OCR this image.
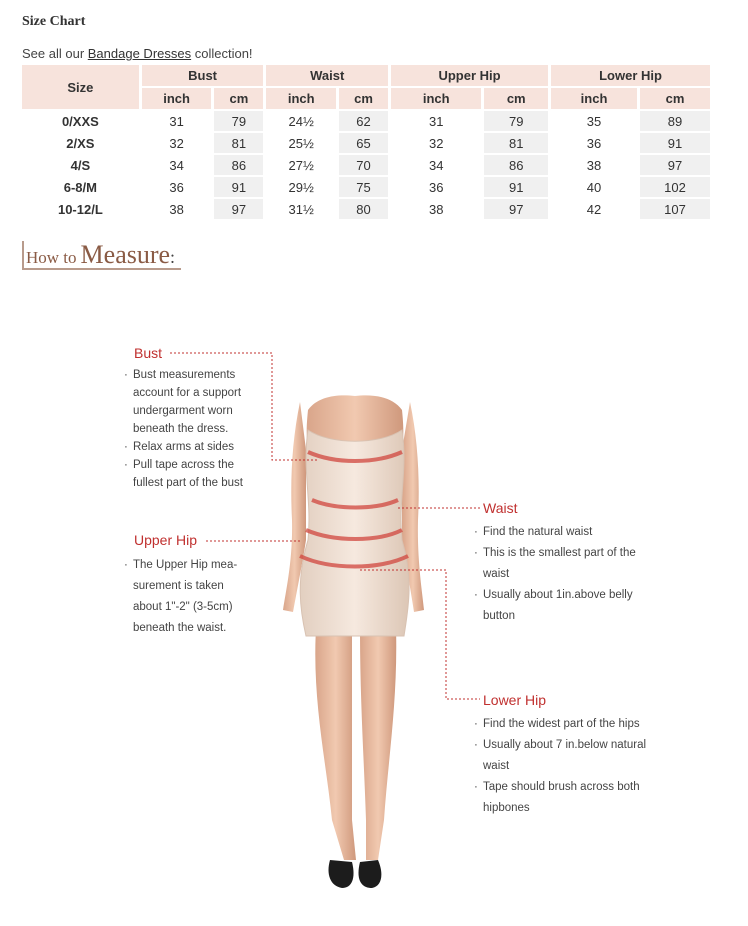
Size Chart
See all our Bandage Dresses collection!
Size	Bust		Waist		Upper Hip		Lower Hip	
	inch	cm	inch	cm	inch	cm	inch	cm
0/XXS	31	79	24½	62	31	79	35	89
2/XS	32	81	25½	65	32	81	36	91
4/S	34	86	27½	70	34	86	38	97
6-8/M	36	91	29½	75	36	91	40	102
10-12/L	38	97	31½	80	38	97	42	107
How to Measure:
Bust
· Bust measurements account for a support undergarment worn beneath the dress.
· Relax arms at sides
· Pull tape across the fullest part of the bust
Upper Hip
· The Upper Hip mea-surement is taken about 1"-2" (3-5cm) beneath the waist.
Waist
· Find the natural waist
· This is the smallest part of the waist
· Usually about 1in.above belly button
Lower Hip
· Find the widest part of the hips
· Usually about 7 in.below natural waist
· Tape should brush across both hipbones
